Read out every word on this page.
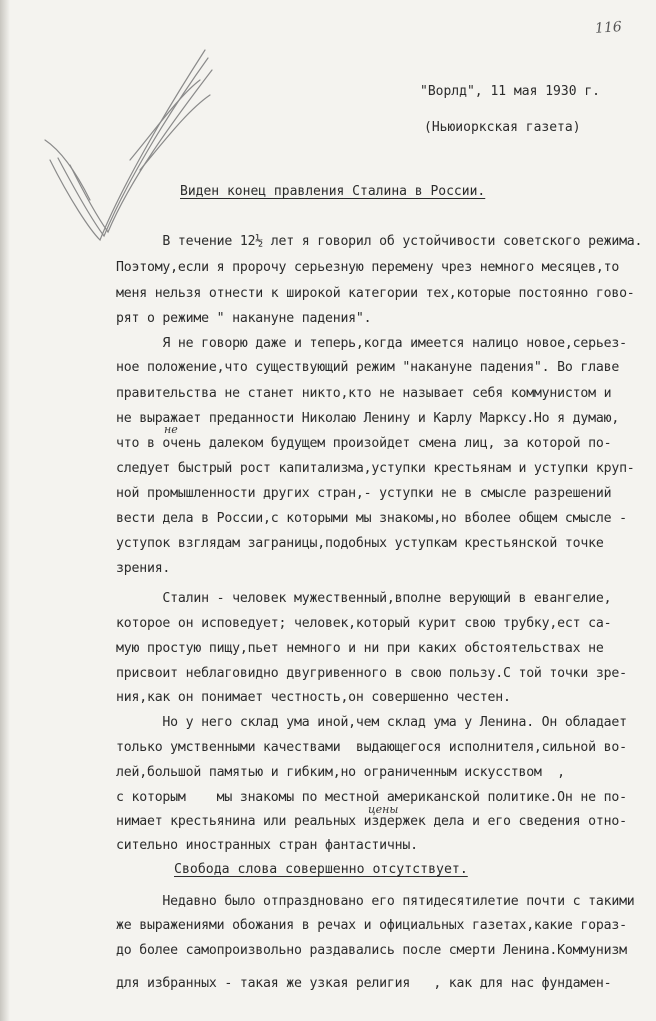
116
"Ворлд", 11 мая 1930 г.
(Ньюиоркская газета)
Виден конец правления Сталина в России.
В течение 12½ лет я говорил об устойчивости советского режима.
Поэтому,если я пророчу серьезную перемену чрез немного месяцев,то
меня нельзя отнести к широкой категории тех,которые постоянно гово-
рят о режиме " накануне падения".
Я не говорю даже и теперь,когда имеется налицо новое,серьез-
ное положение,что существующий режим "накануне падения". Во главе
правительства не станет никто,кто не называет себя коммунистом и
не выражает преданности Николаю Ленину и Карлу Марксу.Но я думаю,
не
что в очень далеком будущем произойдет смена лиц, за которой по-
следует быстрый рост капитализма,уступки крестьянам и уступки круп-
ной промышленности других стран,- уступки не в смысле разрешений
вести дела в России,с которыми мы знакомы,но вболее общем смысле -
уступок взглядам заграницы,подобных уступкам крестьянской точке
зрения.
Сталин - человек мужественный,вполне верующий в евангелие,
которое он исповедует; человек,который курит свою трубку,ест са-
мую простую пищу,пьет немного и ни при каких обстоятельствах не
присвоит неблаговидно двугривенного в свою пользу.С той точки зре-
ния,как он понимает честность,он совершенно честен.
Но у него склад ума иной,чем склад ума у Ленина. Он обладает
только умственными качествами  выдающегося исполнителя,сильной во-
лей,большой памятью и гибким,но ограниченным искусством  ,
с которым    мы знакомы по местной американской политике.Он не по-
цены
нимает крестьянина или реальных издержек дела и его сведения отно-
сительно иностранных стран фантастичны.
Свобода слова совершенно отсутствует.
Недавно было отпраздновано его пятидесятилетие почти с такими
же выражениями обожания в речах и официальных газетах,какие гораз-
до более самопроизвольно раздавались после смерти Ленина.Коммунизм
для избранных - такая же узкая религия   , как для нас фундамен-
